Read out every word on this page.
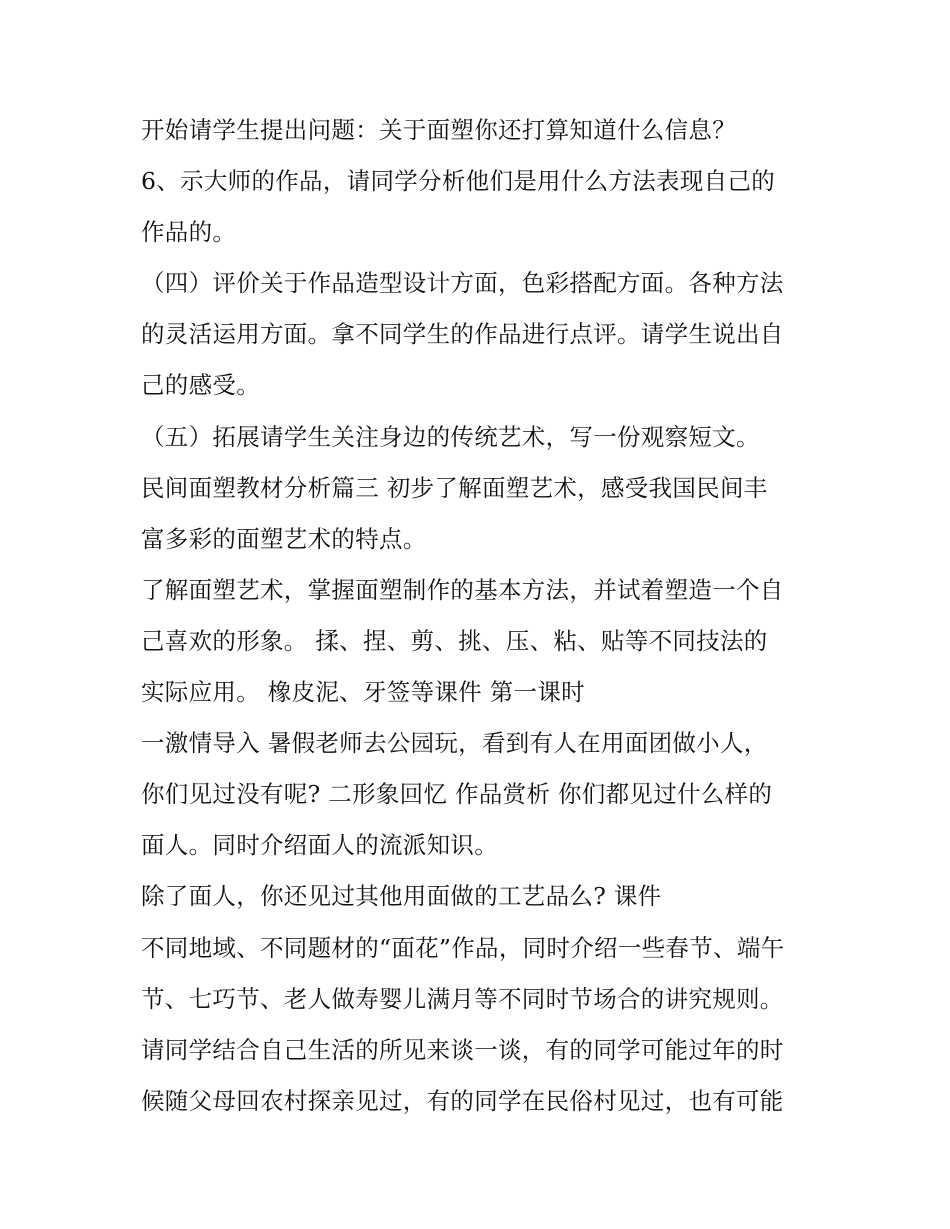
开始请学生提出问题：关于面塑你还打算知道什么信息？
6、示大师的作品，请同学分析他们是用什么方法表现自己的
作品的。
（四）评价关于作品造型设计方面，色彩搭配方面。各种方法
的灵活运用方面。拿不同学生的作品进行点评。请学生说出自
己的感受。
（五）拓展请学生关注身边的传统艺术，写一份观察短文。
民间面塑教材分析篇三 初步了解面塑艺术，感受我国民间丰
富多彩的面塑艺术的特点。
了解面塑艺术，掌握面塑制作的基本方法，并试着塑造一个自
己喜欢的形象。 揉、捏、剪、挑、压、粘、贴等不同技法的
实际应用。 橡皮泥、牙签等课件 第一课时
一激情导入 暑假老师去公园玩，看到有人在用面团做小人，
你们见过没有呢? 二形象回忆 作品赏析 你们都见过什么样的
面人。同时介绍面人的流派知识。
除了面人，你还见过其他用面做的工艺品么? 课件
不同地域、不同题材的“面花”作品，同时介绍一些春节、端午
节、七巧节、老人做寿婴儿满月等不同时节场合的讲究规则。
请同学结合自己生活的所见来谈一谈，有的同学可能过年的时
候随父母回农村探亲见过，有的同学在民俗村见过，也有可能
